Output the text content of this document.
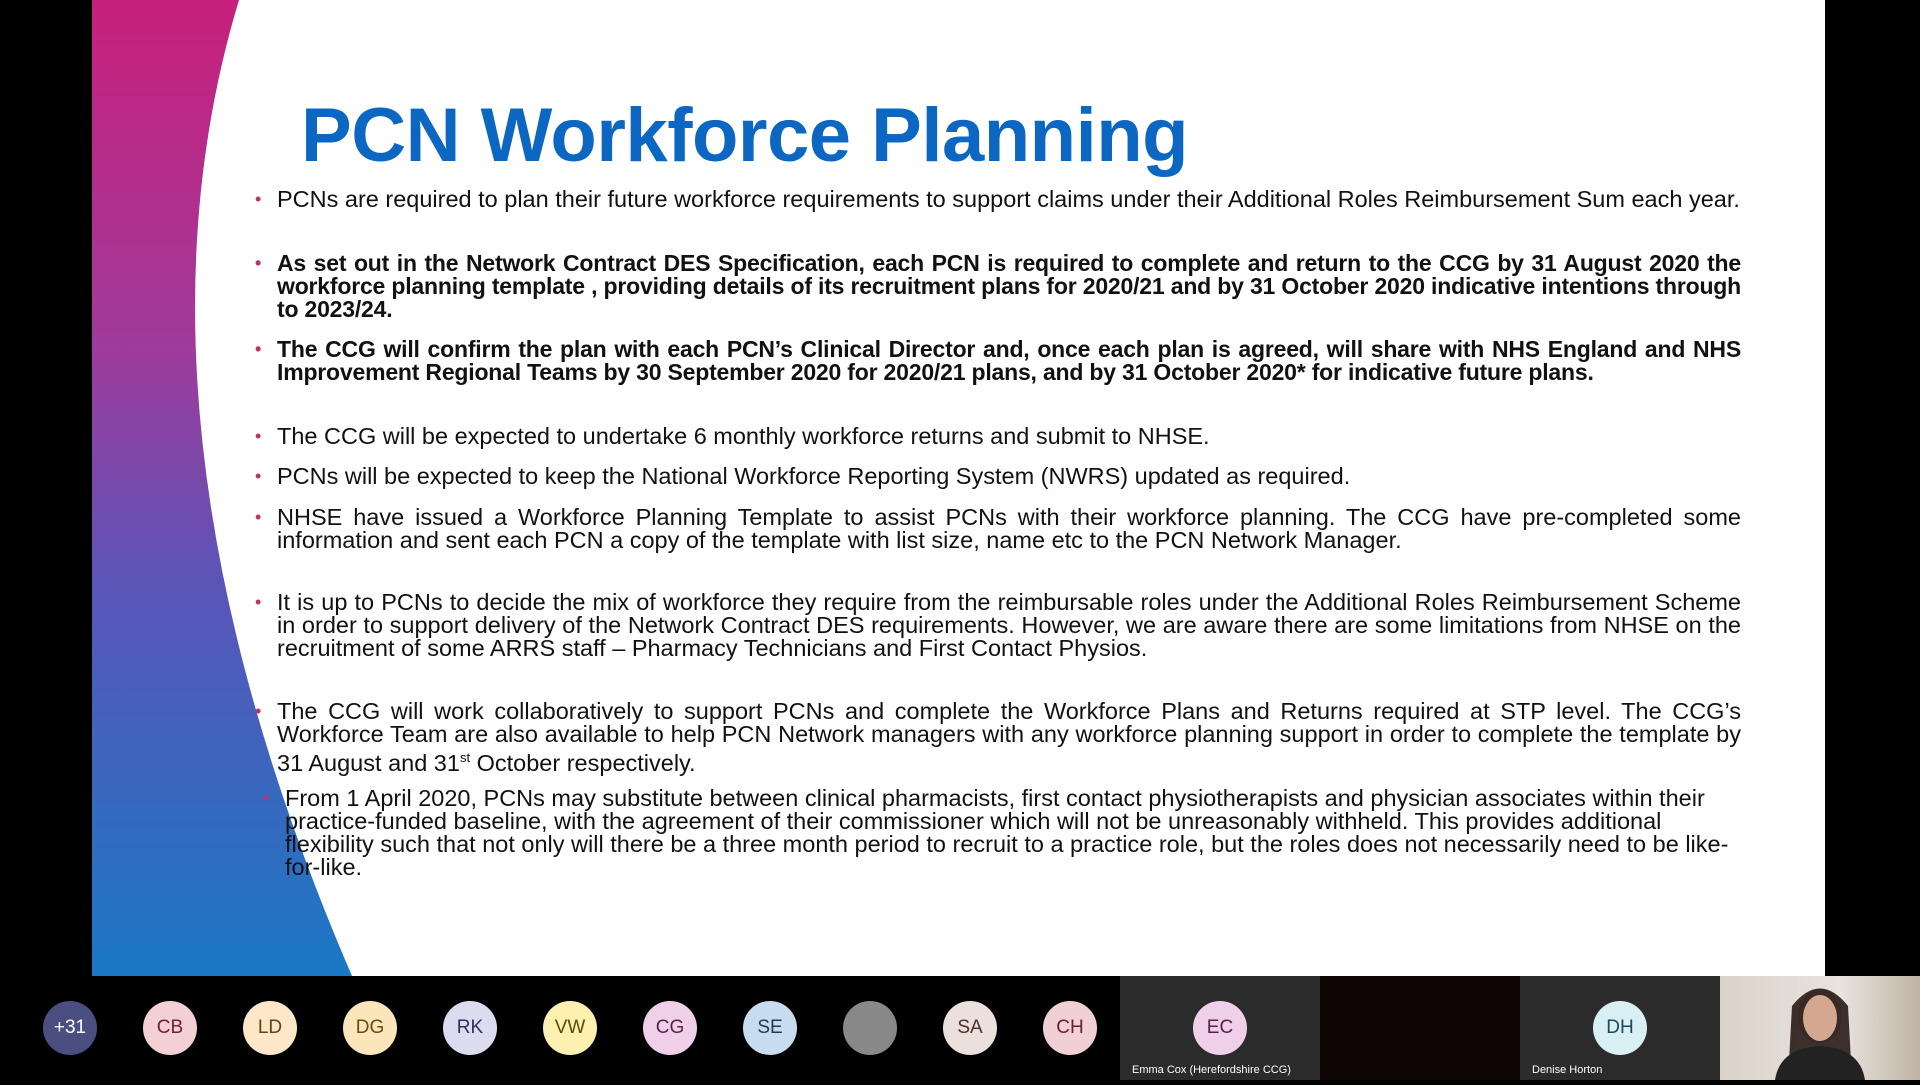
PCN Workforce Planning
• PCNs are required to plan their future workforce requirements to support claims under their Additional Roles Reimbursement Sum each year.
• As set out in the Network Contract DES Specification, each PCN is required to complete and return to the CCG by 31 August 2020 the workforce planning template , providing details of its recruitment plans for 2020/21 and by 31 October 2020 indicative intentions through to 2023/24.
• The CCG will confirm the plan with each PCN’s Clinical Director and, once each plan is agreed, will share with NHS England and NHS Improvement Regional Teams by 30 September 2020 for 2020/21 plans, and by 31 October 2020* for indicative future plans.
• The CCG will be expected to undertake 6 monthly workforce returns and submit to NHSE.
• PCNs will be expected to keep the National Workforce Reporting System (NWRS) updated as required.
• NHSE have issued a Workforce Planning Template to assist PCNs with their workforce planning. The CCG have pre-completed some information and sent each PCN a copy of the template with list size, name etc to the PCN Network Manager.
• It is up to PCNs to decide the mix of workforce they require from the reimbursable roles under the Additional Roles Reimbursement Scheme in order to support delivery of the Network Contract DES requirements. However, we are aware there are some limitations from NHSE on the recruitment of some ARRS staff – Pharmacy Technicians and First Contact Physios.
• The CCG will work collaboratively to support PCNs and complete the Workforce Plans and Returns required at STP level. The CCG’s Workforce Team are also available to help PCN Network managers with any workforce planning support in order to complete the template by 31 August and 31st October respectively.
• From 1 April 2020, PCNs may substitute between clinical pharmacists, first contact physiotherapists and physician associates within their practice-funded baseline, with the agreement of their commissioner which will not be unreasonably withheld. This provides additional flexibility such that not only will there be a three month period to recruit to a practice role, but the roles does not necessarily need to be like-for-like.
+31	CB	LD	DG	RK	VW	CG	SE	SA	CH	EC
Emma Cox (Herefordshire CCG)
DH
Denise Horton
